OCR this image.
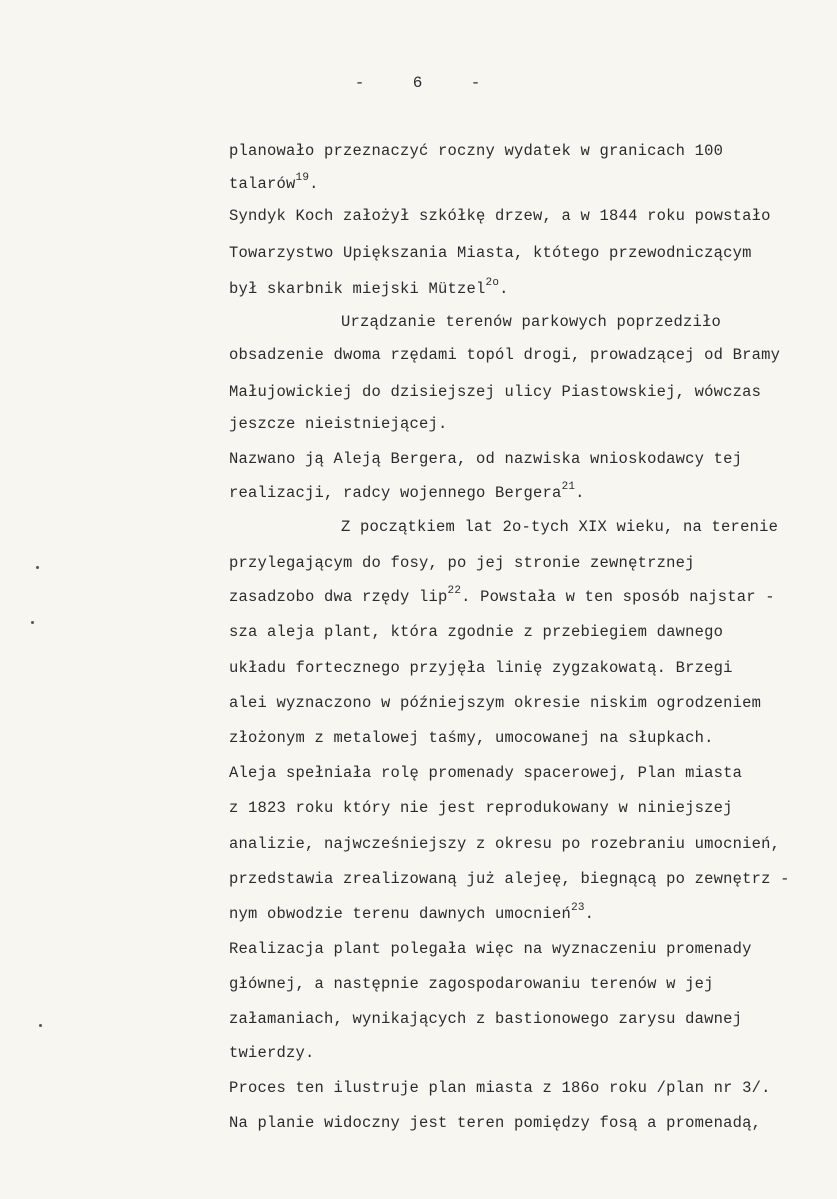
-    6    -
planowało przeznaczyć roczny wydatek w granicach 100
talarów$^{19}$.
Syndyk Koch założył szkółkę drzew, a w 1844 roku powstało
Towarzystwo Upiększania Miasta, któtego przewodniczącym
był skarbnik miejski Mützel$^{2o}$.
Urządzanie terenów parkowych poprzedziło
obsadzenie dwoma rzędami topól drogi, prowadzącej od Bramy
Małujowickiej do dzisiejszej ulicy Piastowskiej, wówczas
jeszcze nieistniejącej.
Nazwano ją Aleją Bergera, od nazwiska wnioskodawcy tej
realizacji, radcy wojennego Bergera$^{21}$.
Z początkiem lat 2o-tych XIX wieku, na terenie
przylegającym do fosy, po jej stronie zewnętrznej
zasadzobo dwa rzędy lip$^{22}$. Powstała w ten sposób najstar -
sza aleja plant, która zgodnie z przebiegiem dawnego
układu fortecznego przyjęła linię zygzakowatą. Brzegi
alei wyznaczono w późniejszym okresie niskim ogrodzeniem
złożonym z metalowej taśmy, umocowanej na słupkach.
Aleja spełniała rolę promenady spacerowej, Plan miasta
z 1823 roku który nie jest reprodukowany w niniejszej
analizie, najwcześniejszy z okresu po rozebraniu umocnień,
przedstawia zrealizowaną już alejeę, biegnącą po zewnętrz -
nym obwodzie terenu dawnych umocnień$^{23}$.
Realizacja plant polegała więc na wyznaczeniu promenady
głównej, a następnie zagospodarowaniu terenów w jej
załamaniach, wynikających z bastionowego zarysu dawnej
twierdzy.
Proces ten ilustruje plan miasta z 186o roku /plan nr 3/.
Na planie widoczny jest teren pomiędzy fosą a promenadą,
